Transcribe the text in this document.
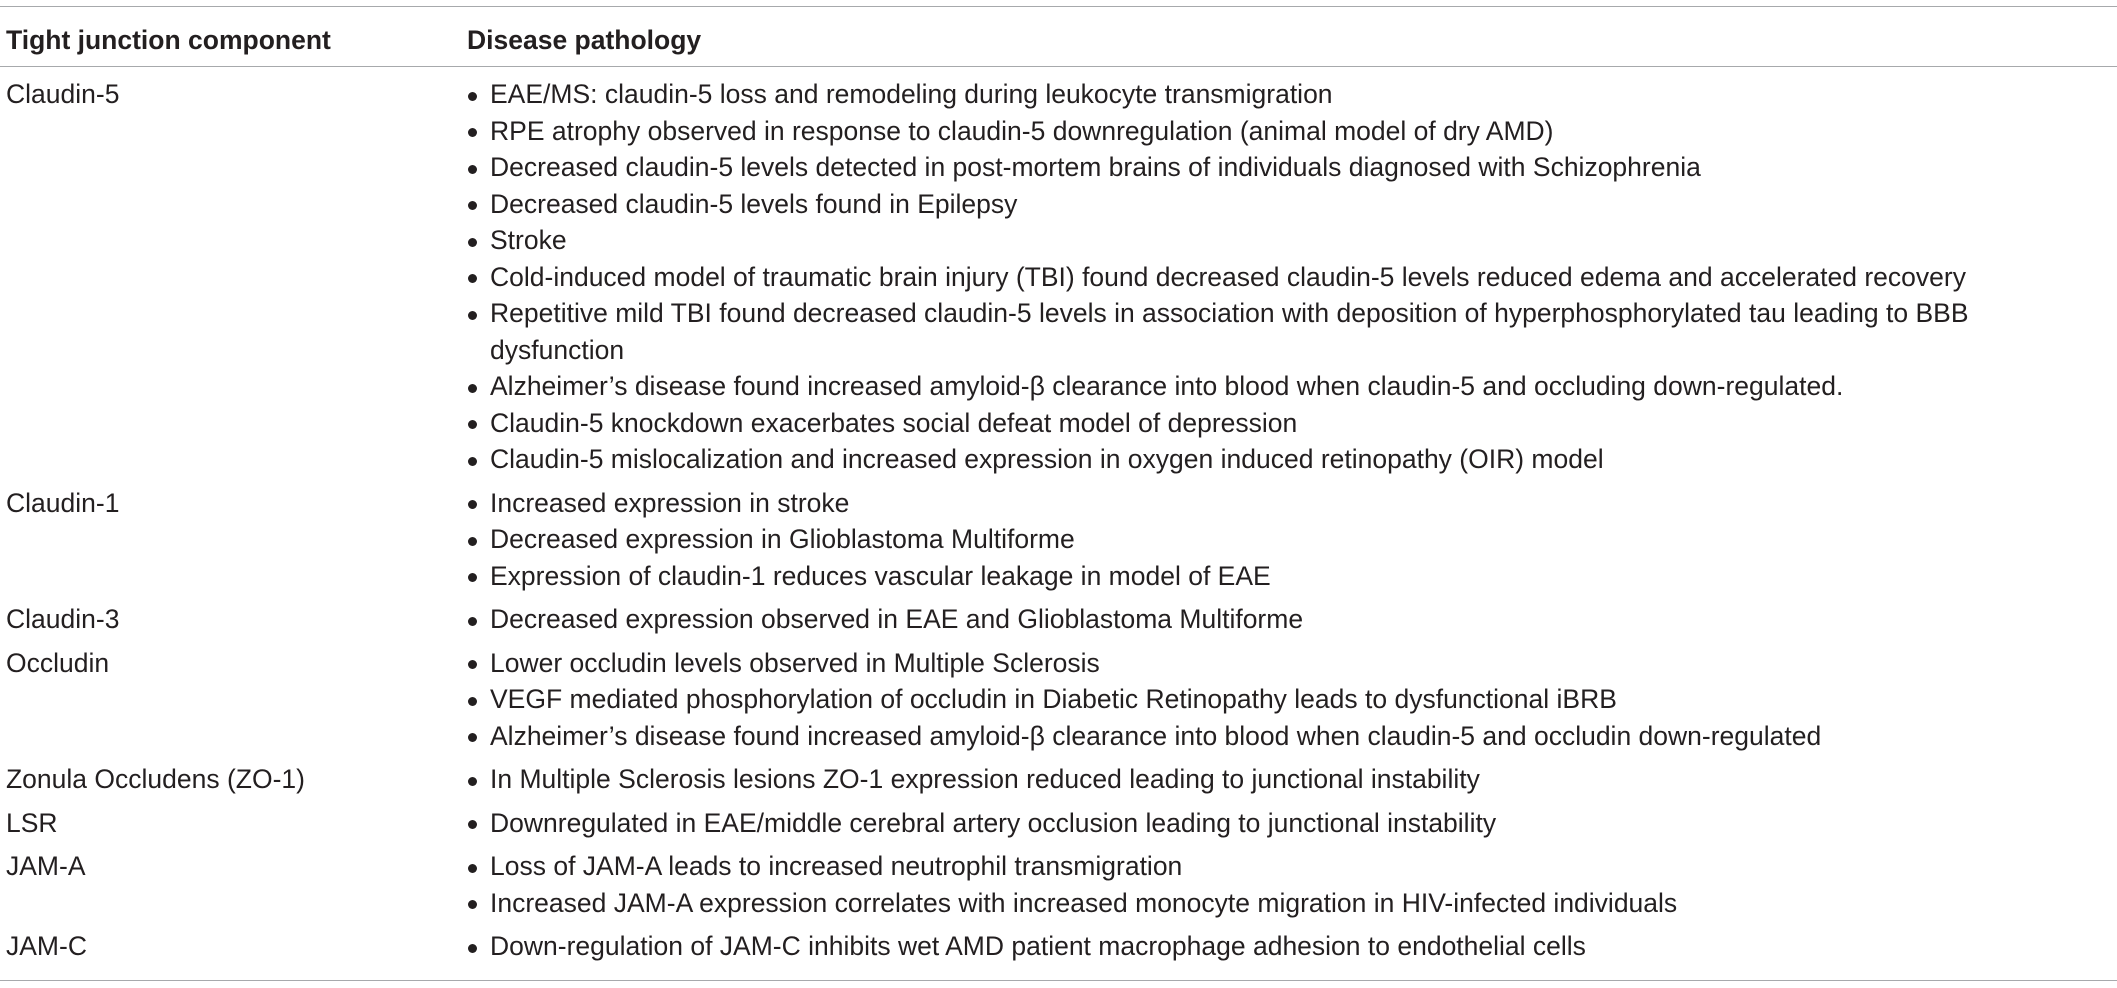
Tight junction component	Disease pathology
Claudin-5	EAE/MS: claudin-5 loss and remodeling during leukocyte transmigration
RPE atrophy observed in response to claudin-5 downregulation (animal model of dry AMD)
Decreased claudin-5 levels detected in post-mortem brains of individuals diagnosed with Schizophrenia
Decreased claudin-5 levels found in Epilepsy
Stroke
Cold-induced model of traumatic brain injury (TBI) found decreased claudin-5 levels reduced edema and accelerated recovery
Repetitive mild TBI found decreased claudin-5 levels in association with deposition of hyperphosphorylated tau leading to BBB dysfunction
Alzheimer’s disease found increased amyloid-β clearance into blood when claudin-5 and occluding down-regulated.
Claudin-5 knockdown exacerbates social defeat model of depression
Claudin-5 mislocalization and increased expression in oxygen induced retinopathy (OIR) model
Claudin-1	Increased expression in stroke
Decreased expression in Glioblastoma Multiforme
Expression of claudin-1 reduces vascular leakage in model of EAE
Claudin-3	Decreased expression observed in EAE and Glioblastoma Multiforme
Occludin	Lower occludin levels observed in Multiple Sclerosis
VEGF mediated phosphorylation of occludin in Diabetic Retinopathy leads to dysfunctional iBRB
Alzheimer’s disease found increased amyloid-β clearance into blood when claudin-5 and occludin down-regulated
Zonula Occludens (ZO-1)	In Multiple Sclerosis lesions ZO-1 expression reduced leading to junctional instability
LSR	Downregulated in EAE/middle cerebral artery occlusion leading to junctional instability
JAM-A	Loss of JAM-A leads to increased neutrophil transmigration
Increased JAM-A expression correlates with increased monocyte migration in HIV-infected individuals
JAM-C	Down-regulation of JAM-C inhibits wet AMD patient macrophage adhesion to endothelial cells
